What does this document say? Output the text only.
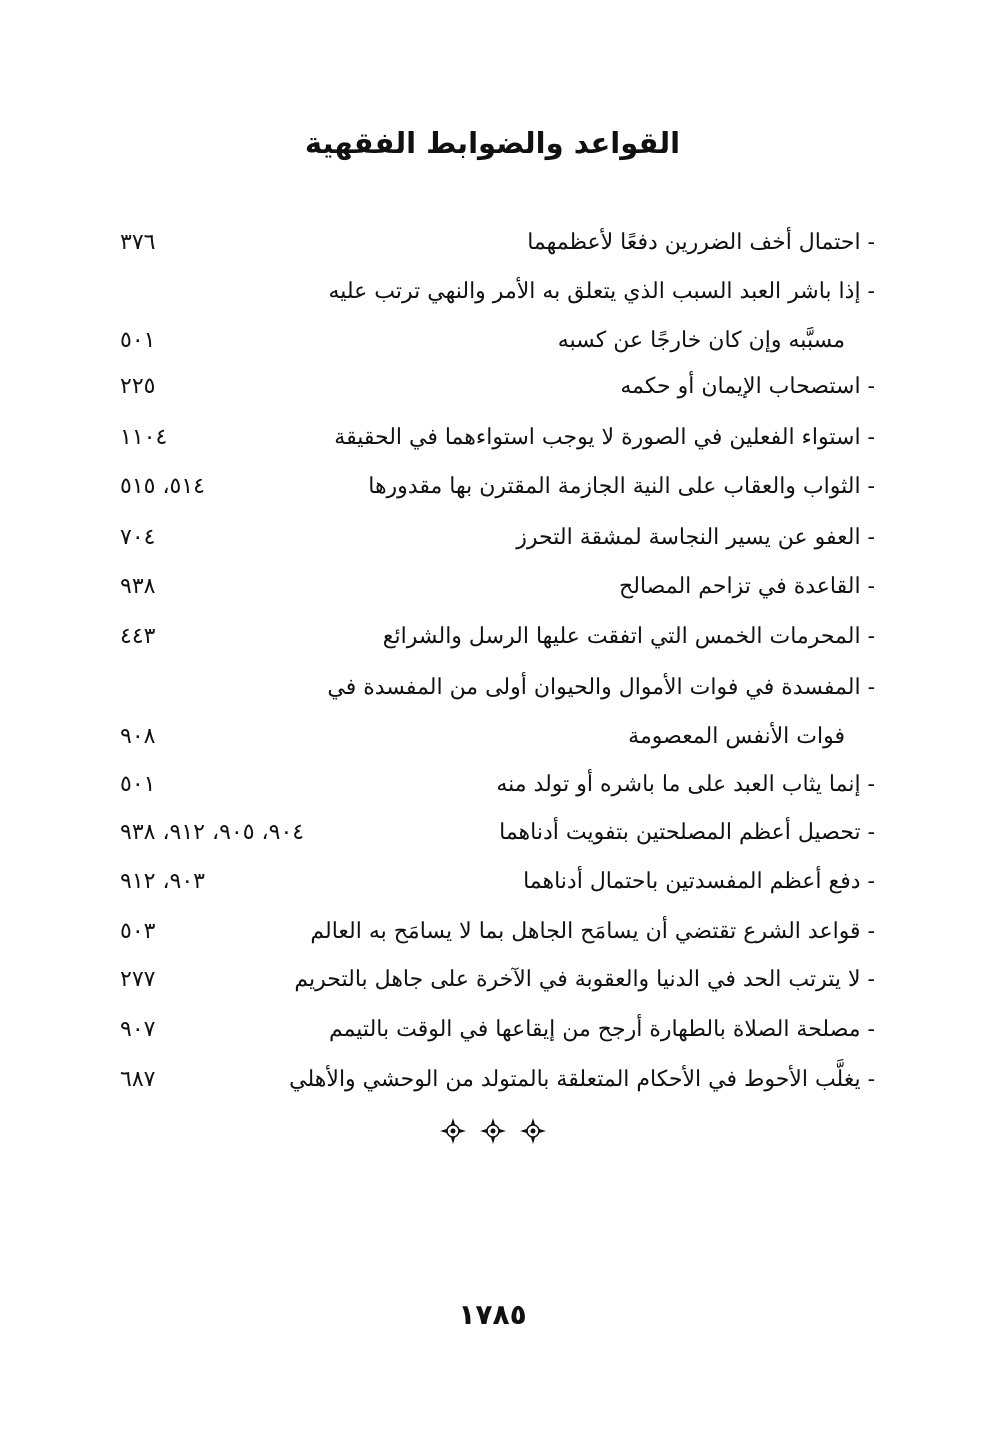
القواعد والضوابط الفقهية
- احتمال أخف الضررين دفعًا لأعظمهما
٣٧٦
- إذا باشر العبد السبب الذي يتعلق به الأمر والنهي ترتب عليه
مسبَّبه وإن كان خارجًا عن كسبه
٥٠١
- استصحاب الإيمان أو حكمه
٢٢٥
- استواء الفعلين في الصورة لا يوجب استواءهما في الحقيقة
١١٠٤
- الثواب والعقاب على النية الجازمة المقترن بها مقدورها
٥١٤، ٥١٥
- العفو عن يسير النجاسة لمشقة التحرز
٧٠٤
- القاعدة في تزاحم المصالح
٩٣٨
- المحرمات الخمس التي اتفقت عليها الرسل والشرائع
٤٤٣
- المفسدة في فوات الأموال والحيوان أولى من المفسدة في
فوات الأنفس المعصومة
٩٠٨
- إنما يثاب العبد على ما باشره أو تولد منه
٥٠١
- تحصيل أعظم المصلحتين بتفويت أدناهما
٩٠٤، ٩٠٥، ٩١٢، ٩٣٨
- دفع أعظم المفسدتين باحتمال أدناهما
٩٠٣، ٩١٢
- قواعد الشرع تقتضي أن يسامَح الجاهل بما لا يسامَح به العالم
٥٠٣
- لا يترتب الحد في الدنيا والعقوبة في الآخرة على جاهل بالتحريم
٢٧٧
- مصلحة الصلاة بالطهارة أرجح من إيقاعها في الوقت بالتيمم
٩٠٧
- يغلَّب الأحوط في الأحكام المتعلقة بالمتولد من الوحشي والأهلي
٦٨٧
١٧٨٥
